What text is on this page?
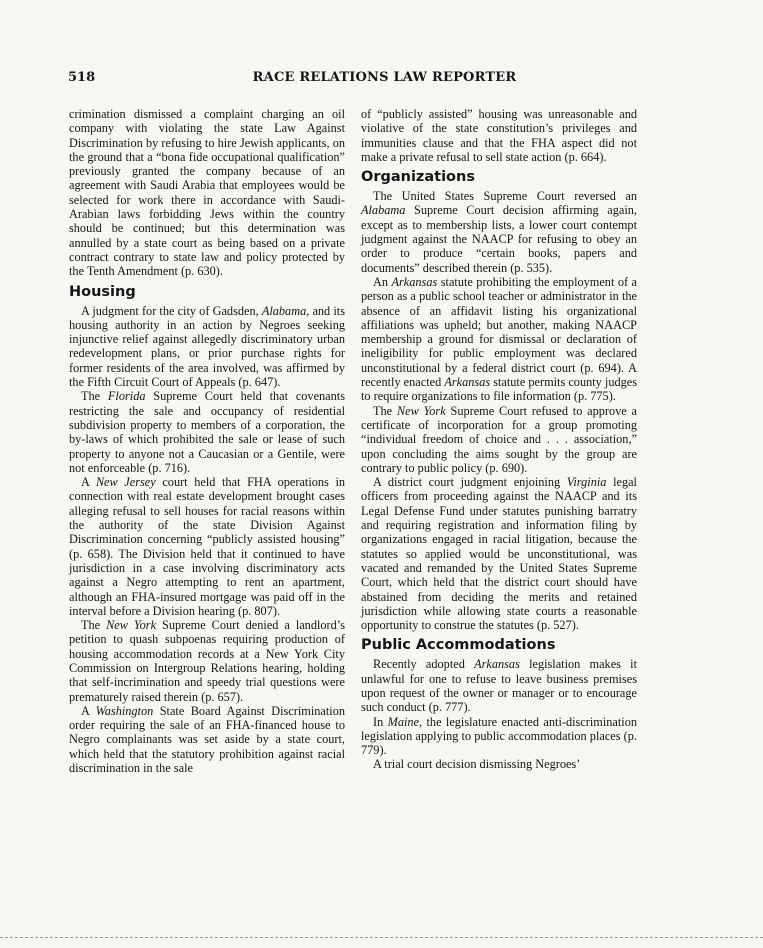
518	RACE RELATIONS LAW REPORTER

crimination dismissed a complaint charging an oil company with violating the state Law Against Discrimination by refusing to hire Jewish applicants, on the ground that a “bona fide occupational qualification” previously granted the company because of an agreement with Saudi Arabia that employees would be selected for work there in accordance with Saudi-Arabian laws forbidding Jews within the country should be continued; but this determination was annulled by a state court as being based on a private contract contrary to state law and policy protected by the Tenth Amendment (p. 630).

Housing

A judgment for the city of Gadsden, Alabama, and its housing authority in an action by Negroes seeking injunctive relief against allegedly discriminatory urban redevelopment plans, or prior purchase rights for former residents of the area involved, was affirmed by the Fifth Circuit Court of Appeals (p. 647).

The Florida Supreme Court held that covenants restricting the sale and occupancy of residential subdivision property to members of a corporation, the by-laws of which prohibited the sale or lease of such property to anyone not a Caucasian or a Gentile, were not enforceable (p. 716).

A New Jersey court held that FHA operations in connection with real estate development brought cases alleging refusal to sell houses for racial reasons within the authority of the state Division Against Discrimination concerning “publicly assisted housing” (p. 658). The Division held that it continued to have jurisdiction in a case involving discriminatory acts against a Negro attempting to rent an apartment, although an FHA-insured mortgage was paid off in the interval before a Division hearing (p. 807).

The New York Supreme Court denied a landlord’s petition to quash subpoenas requiring production of housing accommodation records at a New York City Commission on Intergroup Relations hearing, holding that self-incrimination and speedy trial questions were prematurely raised therein (p. 657).

A Washington State Board Against Discrimination order requiring the sale of an FHA-financed house to Negro complainants was set aside by a state court, which held that the statutory prohibition against racial discrimination in the sale

of “publicly assisted” housing was unreasonable and violative of the state constitution’s privileges and immunities clause and that the FHA aspect did not make a private refusal to sell state action (p. 664).

Organizations

The United States Supreme Court reversed an Alabama Supreme Court decision affirming again, except as to membership lists, a lower court contempt judgment against the NAACP for refusing to obey an order to produce “certain books, papers and documents” described therein (p. 535).

An Arkansas statute prohibiting the employment of a person as a public school teacher or administrator in the absence of an affidavit listing his organizational affiliations was upheld; but another, making NAACP membership a ground for dismissal or declaration of ineligibility for public employment was declared unconstitutional by a federal district court (p. 694). A recently enacted Arkansas statute permits county judges to require organizations to file information (p. 775).

The New York Supreme Court refused to approve a certificate of incorporation for a group promoting “individual freedom of choice and . . . association,” upon concluding the aims sought by the group are contrary to public policy (p. 690).

A district court judgment enjoining Virginia legal officers from proceeding against the NAACP and its Legal Defense Fund under statutes punishing barratry and requiring registration and information filing by organizations engaged in racial litigation, because the statutes so applied would be unconstitutional, was vacated and remanded by the United States Supreme Court, which held that the district court should have abstained from deciding the merits and retained jurisdiction while allowing state courts a reasonable opportunity to construe the statutes (p. 527).

Public Accommodations

Recently adopted Arkansas legislation makes it unlawful for one to refuse to leave business premises upon request of the owner or manager or to encourage such conduct (p. 777).

In Maine, the legislature enacted anti-discrimination legislation applying to public accommodation places (p. 779).

A trial court decision dismissing Negroes’
